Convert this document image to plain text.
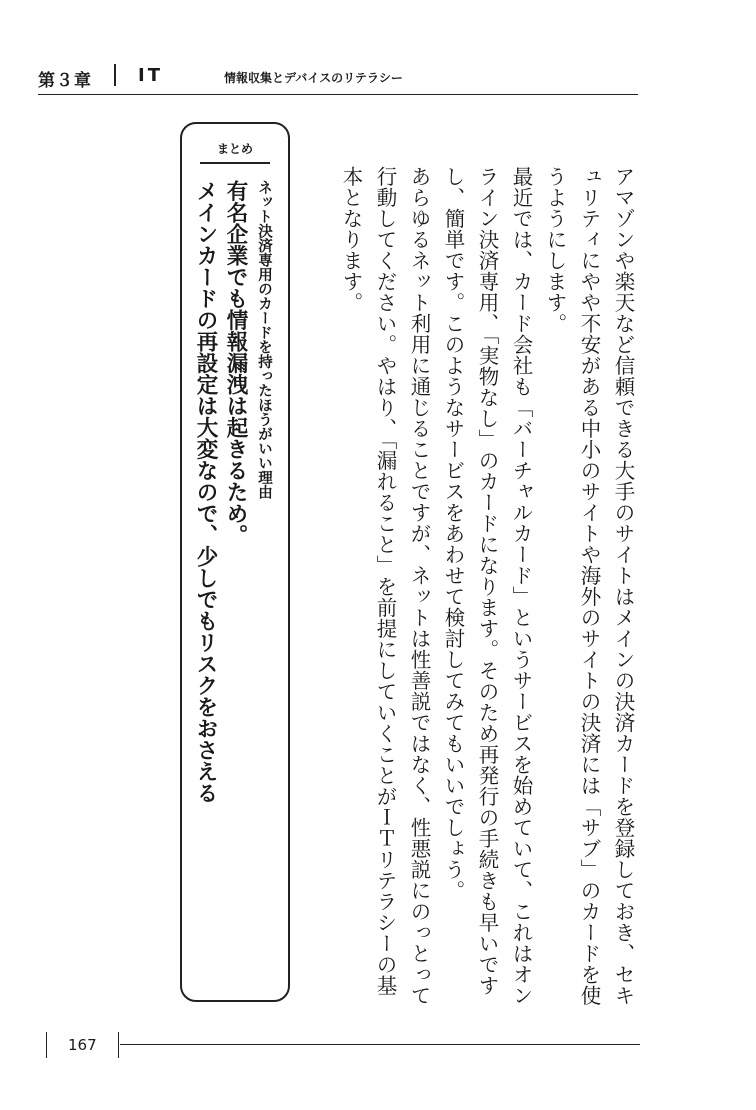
第３章	IT	情報収集とデバイスのリテラシー

アマゾンや楽天など信頼できる大手のサイトはメインの決済カードを登録しておき、セキュリティにやや不安がある中小のサイトや海外のサイトの決済には「サブ」のカードを使うようにします。

最近では、カード会社も「バーチャルカード」というサービスを始めていて、これはオンライン決済専用、「実物なし」のカードになります。そのため再発行の手続きも早いですし、簡単です。このようなサービスをあわせて検討してみてもいいでしょう。

あらゆるネット利用に通じることですが、ネットは性善説ではなく、性悪説にのっとって行動してください。やはり、「漏れること」を前提にしていくことがＩＴリテラシーの基本となります。

まとめ
ネット決済専用のカードを持ったほうがいい理由
有名企業でも情報漏洩は起きるため。
メインカードの再設定は大変なので、少しでもリスクをおさえる
167
